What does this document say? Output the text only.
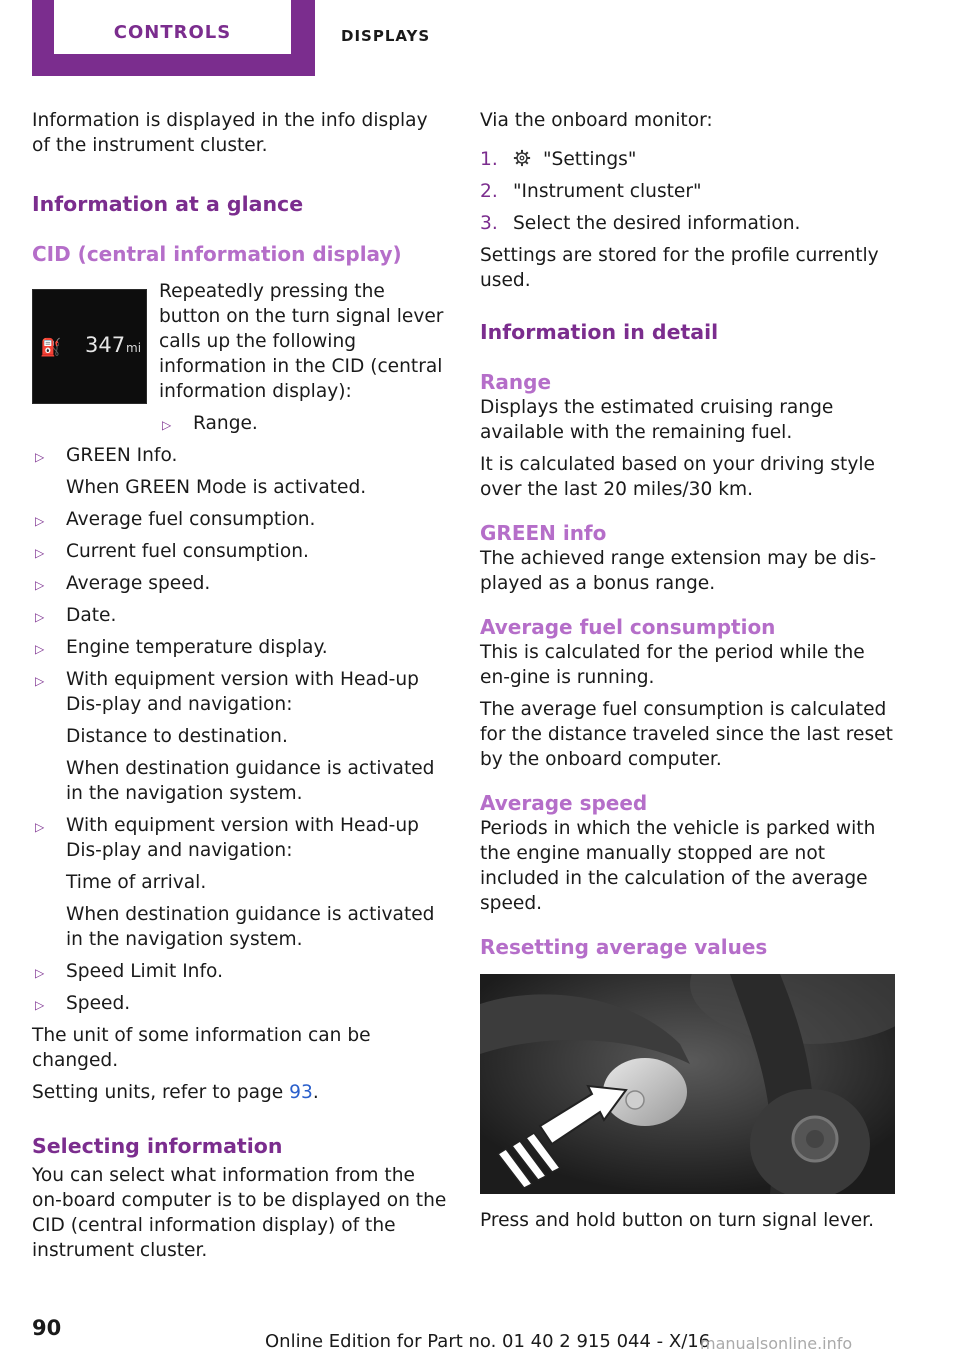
CONTROLS	DISPLAYS

Information is displayed in the info display of the instrument cluster.

Information at a glance
CID (central information display)
⛽ 347 mi

Repeatedly pressing the button on the turn signal lever calls up the following information in the CID (central information display):

▷ Range.
▷ GREEN Info.
When GREEN Mode is activated.
▷ Average fuel consumption.
▷ Current fuel consumption.
▷ Average speed.
▷ Date.
▷ Engine temperature display.
▷ With equipment version with Head-up Dis-play and navigation:
Distance to destination.
When destination guidance is activated in the navigation system.
▷ With equipment version with Head-up Dis-play and navigation:
Time of arrival.
When destination guidance is activated in the navigation system.
▷ Speed Limit Info.
▷ Speed.

The unit of some information can be changed.

Setting units, refer to page 93.

Selecting information

You can select what information from the on-board computer is to be displayed on the CID (central information display) of the instrument cluster.

Via the onboard monitor:

1. "Settings"
2. "Instrument cluster"
3. Select the desired information.

Settings are stored for the profile currently used.

Information in detail
Range

Displays the estimated cruising range available with the remaining fuel.

It is calculated based on your driving style over the last 20 miles/30 km.

GREEN info

The achieved range extension may be dis-played as a bonus range.

Average fuel consumption

This is calculated for the period while the en-gine is running.

The average fuel consumption is calculated for the distance traveled since the last reset by the onboard computer.

Average speed

Periods in which the vehicle is parked with the engine manually stopped are not included in the calculation of the average speed.

Resetting average values

Press and hold button on turn signal lever.

90
Online Edition for Part no. 01 40 2 915 044 - X/16
manualsonline.info
